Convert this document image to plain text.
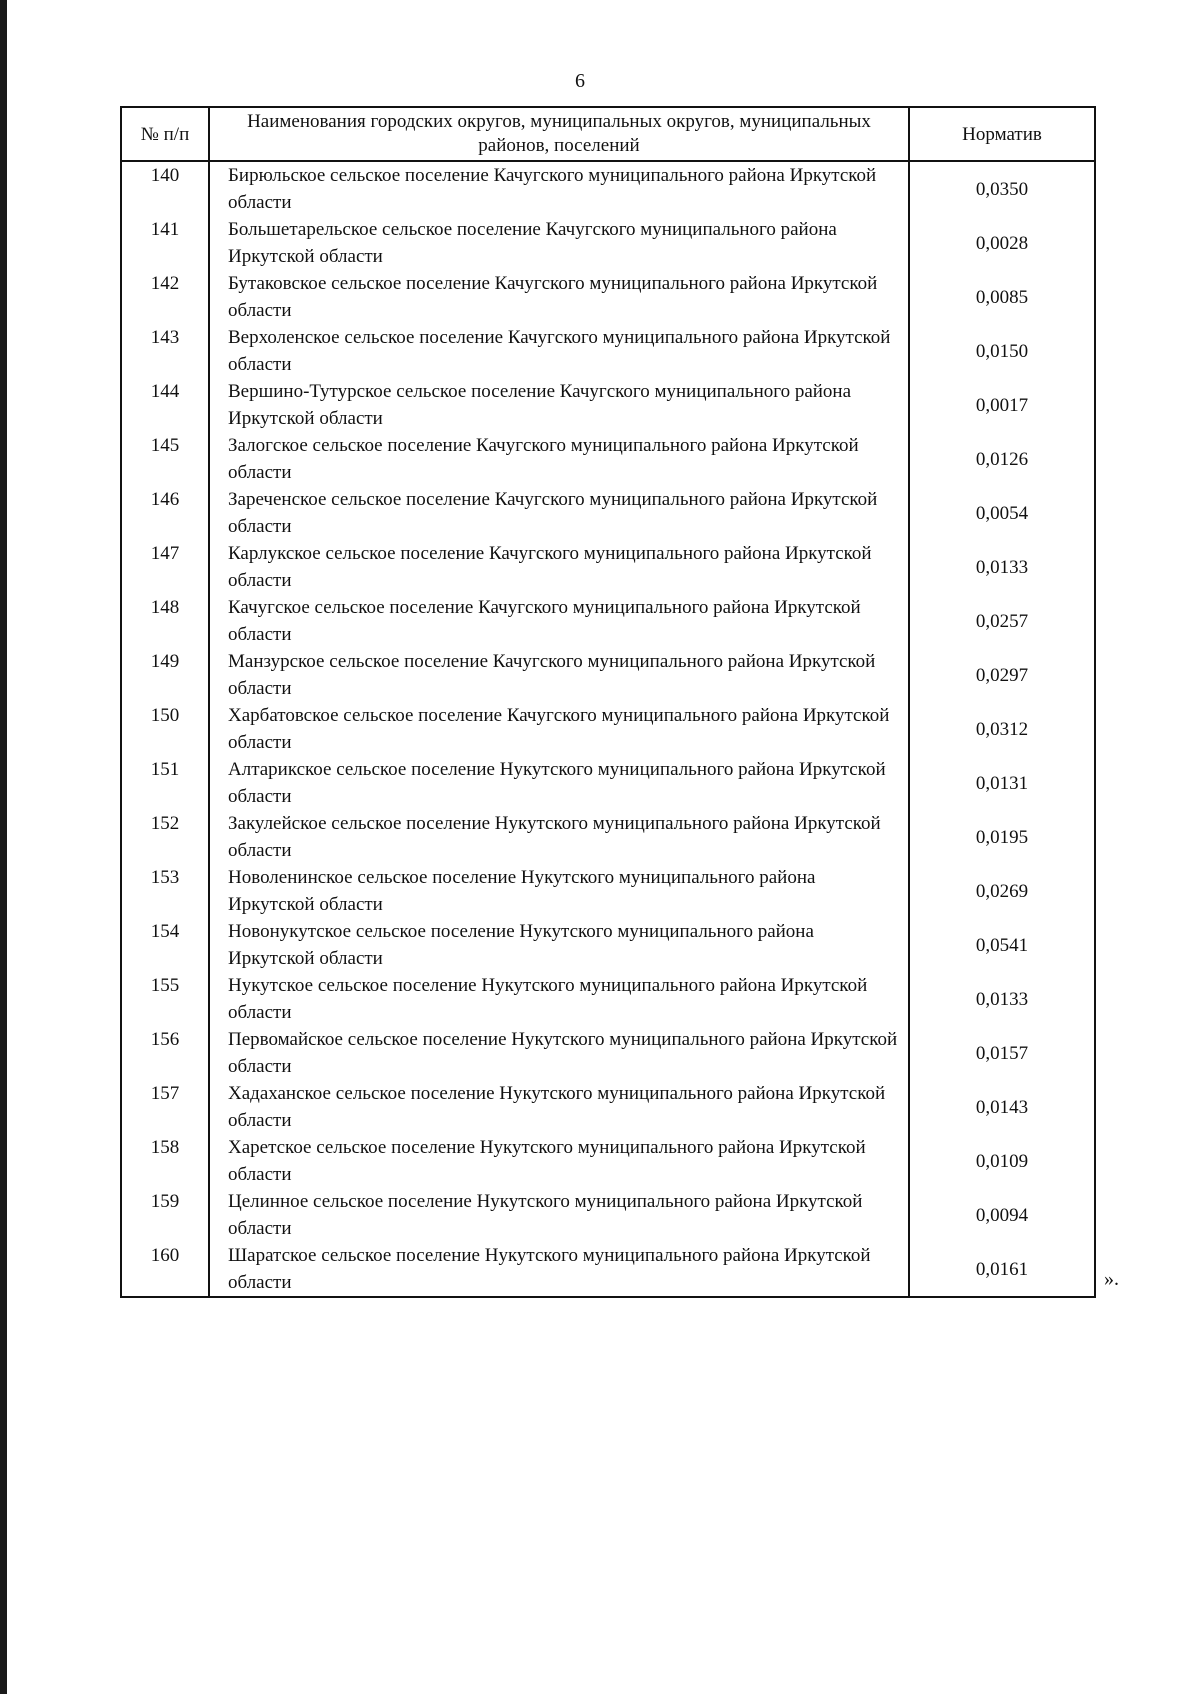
6
№ п/п	Наименования городских округов, муниципальных округов, муниципальных районов, поселений	Норматив
140	Бирюльское сельское поселение Качугского муниципального района Иркутской области	0,0350
141	Большетарельское сельское поселение Качугского муниципального района Иркутской области	0,0028
142	Бутаковское сельское поселение Качугского муниципального района Иркутской области	0,0085
143	Верхоленское сельское поселение Качугского муниципального района Иркутской области	0,0150
144	Вершино-Тутурское сельское поселение Качугского муниципального района Иркутской области	0,0017
145	Залогское сельское поселение Качугского муниципального района Иркутской области	0,0126
146	Зареченское сельское поселение Качугского муниципального района Иркутской области	0,0054
147	Карлукское сельское поселение Качугского муниципального района Иркутской области	0,0133
148	Качугское сельское поселение Качугского муниципального района Иркутской области	0,0257
149	Манзурское сельское поселение Качугского муниципального района Иркутской области	0,0297
150	Харбатовское сельское поселение Качугского муниципального района Иркутской области	0,0312
151	Алтарикское сельское поселение Нукутского муниципального района Иркутской области	0,0131
152	Закулейское сельское поселение Нукутского муниципального района Иркутской области	0,0195
153	Новоленинское сельское поселение Нукутского муниципального района Иркутской области	0,0269
154	Новонукутское сельское поселение Нукутского муниципального района Иркутской области	0,0541
155	Нукутское сельское поселение Нукутского муниципального района Иркутской области	0,0133
156	Первомайское сельское поселение Нукутского муниципального района Иркутской области	0,0157
157	Хадаханское сельское поселение Нукутского муниципального района Иркутской области	0,0143
158	Харетское сельское поселение Нукутского муниципального района Иркутской области	0,0109
159	Целинное сельское поселение Нукутского муниципального района Иркутской области	0,0094
160	Шаратское сельское поселение Нукутского муниципального района Иркутской области	0,0161	».
